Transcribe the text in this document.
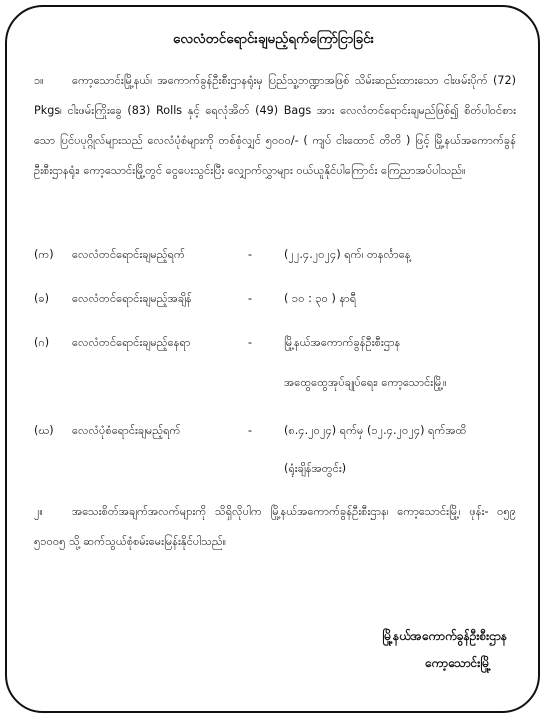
လေလံတင်ရောင်းချမည့်ရက်ကြော်ငြာခြင်း
၁။	ကော့သောင်းမြို့နယ်၊ အကောက်ခွန်ဦးစီးဌာနရုံးမှ ပြည်သူ့ဘဏ္ဍာအဖြစ် သိမ်းဆည်းထားသော ငါးဖမ်းပိုက် (72) Pkgs၊ ငါးဖမ်းကြိုးခွေ (83) Rolls နှင့် ရေလုံအိတ် (49) Bags အား လေလံတင်ရောင်းချမည်ဖြစ်၍ စိတ်ပါဝင်စားသော ပြင်ပပုဂ္ဂိုလ်များသည် လေလံပုံစံများကို တစ်စုံလျှင် ၅၀၀၀/- ( ကျပ် ငါးထောင် တိတိ ) ဖြင့် မြို့နယ်အကောက်ခွန်ဦးစီးဌာနရုံး၊ ကော့သောင်းမြို့တွင် ငွေပေးသွင်းပြီး လျှောက်လွှာများ ဝယ်ယူနိုင်ပါကြောင်း ကြေညာအပ်ပါသည်။
(က) လေလံတင်ရောင်းချမည့်ရက်	-	(၂၂.၄.၂၀၂၄) ရက်၊ တနင်္လာနေ့
(ခ) လေလံတင်ရောင်းချမည့်အချိန်	-	( ၁၀ : ၃၀ ) နာရီ
(ဂ) လေလံတင်ရောင်းချမည့်နေရာ	-	မြို့နယ်အကောက်ခွန်ဦးစီးဌာန
အထွေထွေအုပ်ချုပ်ရေး၊ ကော့သောင်းမြို့။
(ဃ) လေလံပုံစံရောင်းချမည့်ရက်	-	(၈.၄.၂၀၂၄) ရက်မှ (၁၂.၄.၂၀၂၄) ရက်အထိ
(ရုံးချိန်အတွင်း)
၂။	အသေးစိတ်အချက်အလက်များကို သိရှိလိုပါက မြို့နယ်အကောက်ခွန်ဦးစီးဌာန၊ ကော့သောင်းမြို့၊ ဖုန်း- ၀၅၉ ၅၁၀၀၅ သို့ ဆက်သွယ်စုံစမ်းမေးမြန်းနိုင်ပါသည်။
မြို့နယ်အကောက်ခွန်ဦးစီးဌာန
ကော့သောင်းမြို့
